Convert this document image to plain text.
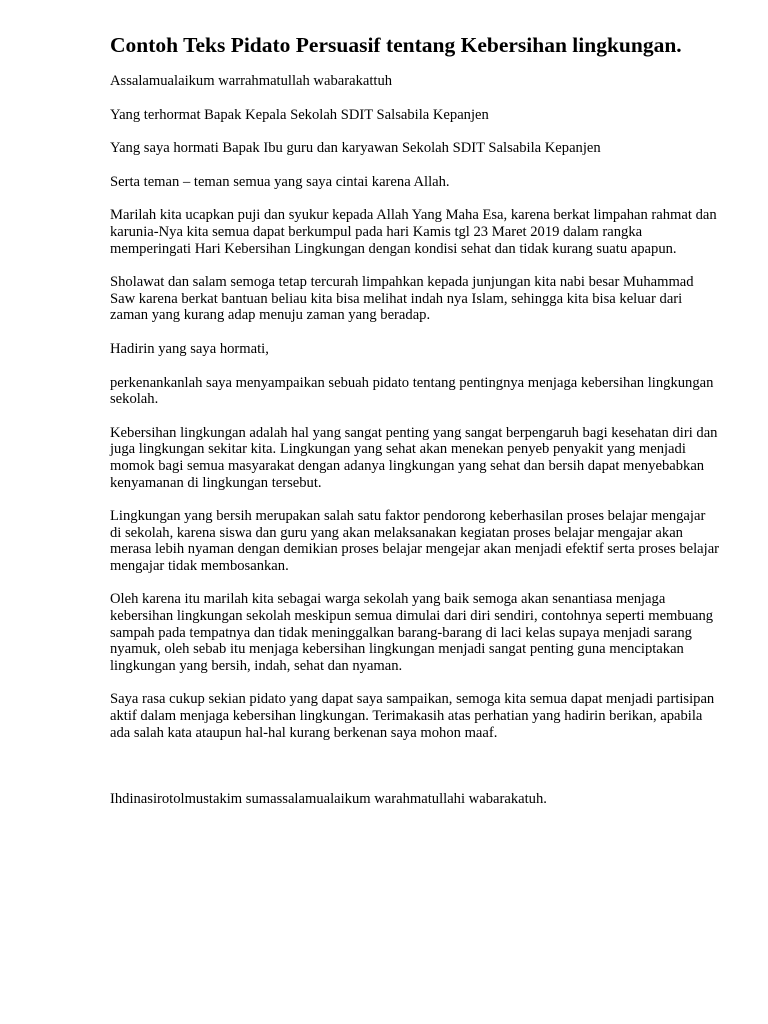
Contoh Teks Pidato Persuasif tentang Kebersihan lingkungan.

Assalamualaikum warrahmatullah wabarakattuh

Yang terhormat Bapak Kepala Sekolah SDIT Salsabila Kepanjen

Yang saya hormati Bapak Ibu guru dan karyawan Sekolah SDIT Salsabila Kepanjen

Serta teman – teman semua yang saya cintai karena Allah.

Marilah kita ucapkan puji dan syukur kepada Allah Yang Maha Esa, karena berkat limpahan rahmat dan karunia-Nya kita semua dapat berkumpul pada hari Kamis tgl 23 Maret 2019 dalam rangka memperingati Hari Kebersihan Lingkungan dengan kondisi sehat dan tidak kurang suatu apapun.

Sholawat dan salam semoga tetap tercurah limpahkan kepada junjungan kita nabi besar Muhammad Saw karena berkat bantuan beliau kita bisa melihat indah nya Islam, sehingga kita bisa keluar dari zaman yang kurang adap menuju zaman yang beradap.

Hadirin yang saya hormati,

perkenankanlah saya menyampaikan sebuah pidato tentang pentingnya menjaga kebersihan lingkungan sekolah.

Kebersihan lingkungan adalah hal yang sangat penting yang sangat berpengaruh bagi kesehatan diri dan juga lingkungan sekitar kita. Lingkungan yang sehat akan menekan penyeb penyakit yang menjadi momok bagi semua masyarakat dengan adanya lingkungan yang sehat dan bersih dapat menyebabkan kenyamanan di lingkungan tersebut.

Lingkungan yang bersih merupakan salah satu faktor pendorong keberhasilan proses belajar mengajar di sekolah, karena siswa dan guru yang akan melaksanakan kegiatan proses belajar mengajar akan merasa lebih nyaman dengan demikian proses belajar mengejar akan menjadi efektif serta proses belajar mengajar tidak membosankan.

Oleh karena itu marilah kita sebagai warga sekolah yang baik semoga akan senantiasa menjaga kebersihan lingkungan sekolah meskipun semua dimulai dari diri sendiri, contohnya seperti membuang sampah pada tempatnya dan tidak meninggalkan barang-barang di laci kelas supaya menjadi sarang nyamuk, oleh sebab itu menjaga kebersihan lingkungan menjadi sangat penting guna menciptakan lingkungan yang bersih, indah, sehat dan nyaman.

Saya rasa cukup sekian pidato yang dapat saya sampaikan, semoga kita semua dapat menjadi partisipan aktif dalam menjaga kebersihan lingkungan. Terimakasih atas perhatian yang hadirin berikan, apabila ada salah kata ataupun hal-hal kurang berkenan saya mohon maaf.

Ihdinasirotolmustakim sumassalamualaikum warahmatullahi wabarakatuh.
